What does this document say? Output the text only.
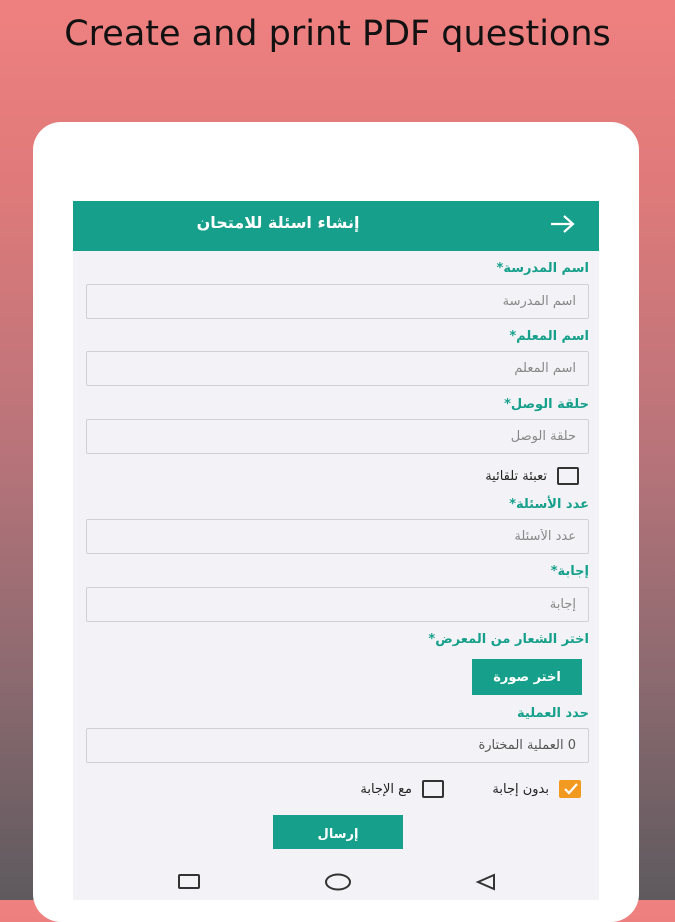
Create and print PDF questions
إنشاء اسئلة للامتحان
اسم المدرسة*
اسم المدرسة
اسم المعلم*
اسم المعلم
حلقة الوصل*
حلقة الوصل
تعبئة تلقائية
عدد الأسئلة*
عدد الأسئلة
إجابة*
إجابة
اختر الشعار من المعرض*
اختر صورة
حدد العملية
0 العملية المختارة
بدون إجابة
مع الإجابة
إرسال
